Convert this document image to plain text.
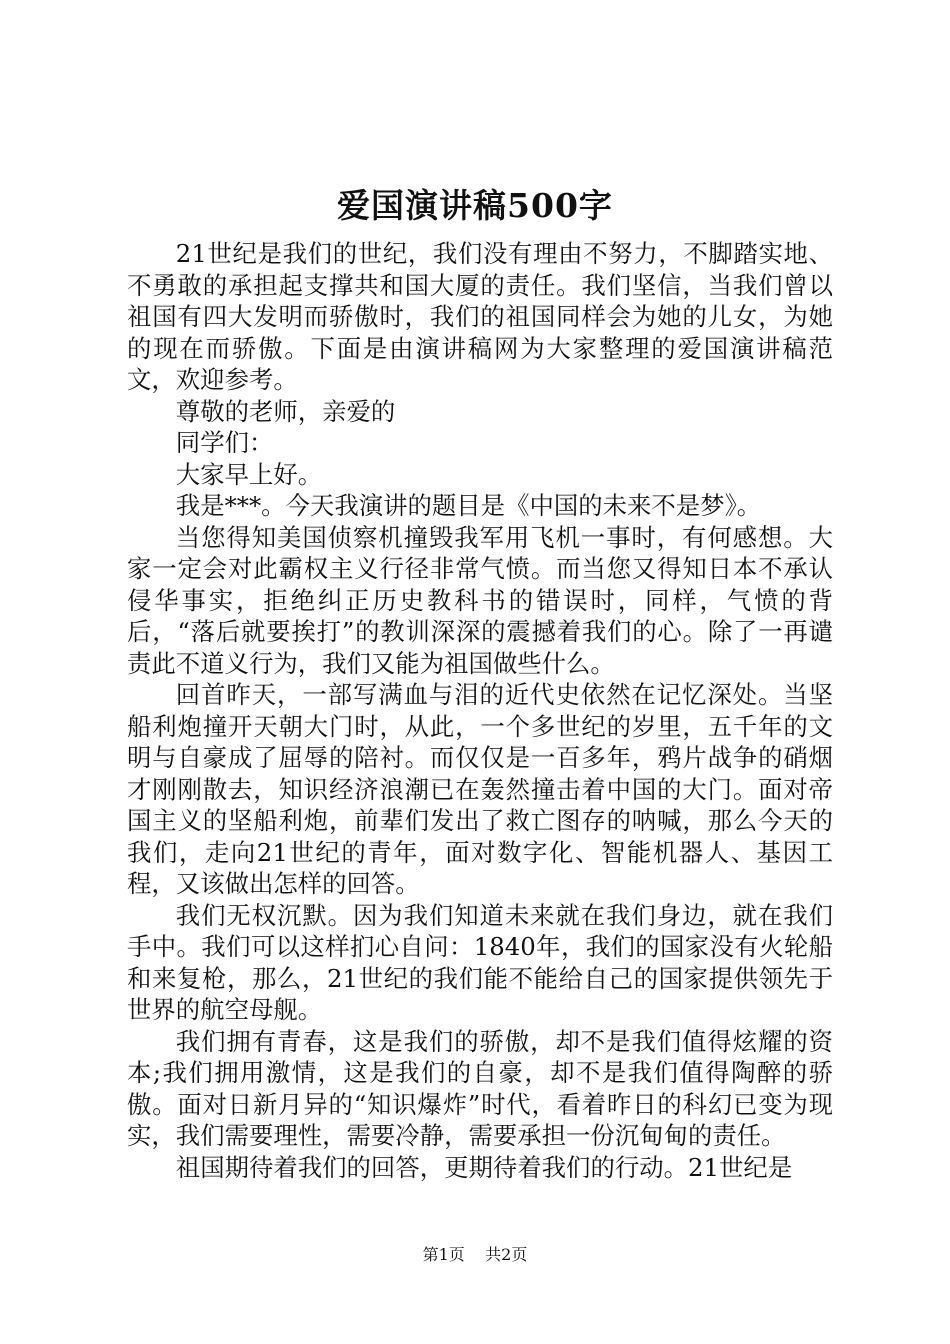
爱国演讲稿500字

21世纪是我们的世纪，我们没有理由不努力，不脚踏实地、不勇敢的承担起支撑共和国大厦的责任。我们坚信，当我们曾以祖国有四大发明而骄傲时，我们的祖国同样会为她的儿女，为她的现在而骄傲。下面是由演讲稿网为大家整理的爱国演讲稿范文，欢迎参考。

尊敬的老师，亲爱的

同学们：

大家早上好。

我是***。今天我演讲的题目是《中国的未来不是梦》。

当您得知美国侦察机撞毁我军用飞机一事时，有何感想。大家一定会对此霸权主义行径非常气愤。而当您又得知日本不承认侵华事实，拒绝纠正历史教科书的错误时，同样，气愤的背后，“落后就要挨打”的教训深深的震撼着我们的心。除了一再谴责此不道义行为，我们又能为祖国做些什么。

回首昨天，一部写满血与泪的近代史依然在记忆深处。当坚船利炮撞开天朝大门时，从此，一个多世纪的岁里，五千年的文明与自豪成了屈辱的陪衬。而仅仅是一百多年，鸦片战争的硝烟才刚刚散去，知识经济浪潮已在轰然撞击着中国的大门。面对帝国主义的坚船利炮，前辈们发出了救亡图存的呐喊，那么今天的我们，走向21世纪的青年，面对数字化、智能机器人、基因工程，又该做出怎样的回答。

我们无权沉默。因为我们知道未来就在我们身边，就在我们手中。我们可以这样扪心自问：1840年，我们的国家没有火轮船和来复枪，那么，21世纪的我们能不能给自己的国家提供领先于世界的航空母舰。

我们拥有青春，这是我们的骄傲，却不是我们值得炫耀的资本;我们拥用激情，这是我们的自豪，却不是我们值得陶醉的骄傲。面对日新月异的“知识爆炸”时代，看着昨日的科幻已变为现实，我们需要理性，需要冷静，需要承担一份沉甸甸的责任。

祖国期待着我们的回答，更期待着我们的行动。21世纪是

第1页 共2页
